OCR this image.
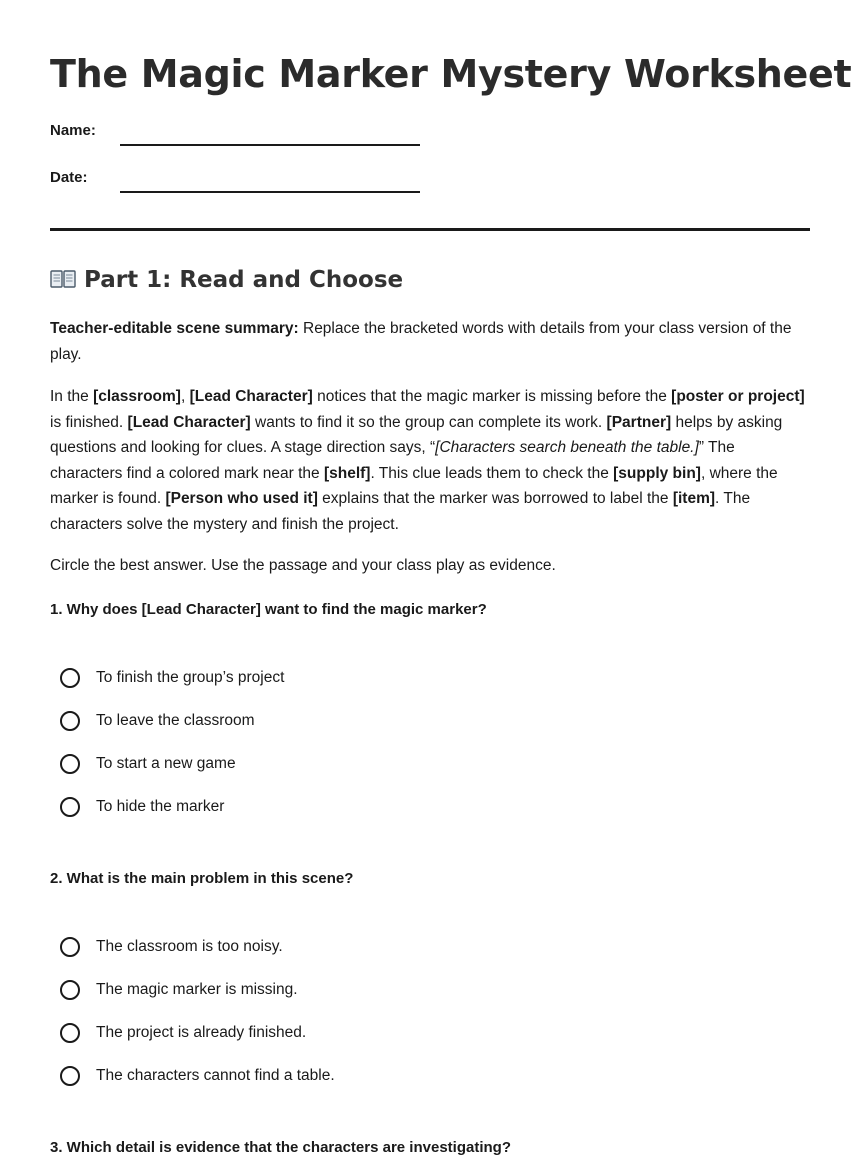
The Magic Marker Mystery Worksheet
Name:
Date:
Part 1: Read and Choose

Teacher-editable scene summary: Replace the bracketed words with details from your class version of the play.

In the [classroom], [Lead Character] notices that the magic marker is missing before the [poster or project] is finished. [Lead Character] wants to find it so the group can complete its work. [Partner] helps by asking questions and looking for clues. A stage direction says, “[Characters search beneath the table.]” The characters find a colored mark near the [shelf]. This clue leads them to check the [supply bin], where the marker is found. [Person who used it] explains that the marker was borrowed to label the [item]. The characters solve the mystery and finish the project.

Circle the best answer. Use the passage and your class play as evidence.

1. Why does [Lead Character] want to find the magic marker?
To finish the group’s project
To leave the classroom
To start a new game
To hide the marker
2. What is the main problem in this scene?
The classroom is too noisy.
The magic marker is missing.
The project is already finished.
The characters cannot find a table.
3. Which detail is evidence that the characters are investigating?
